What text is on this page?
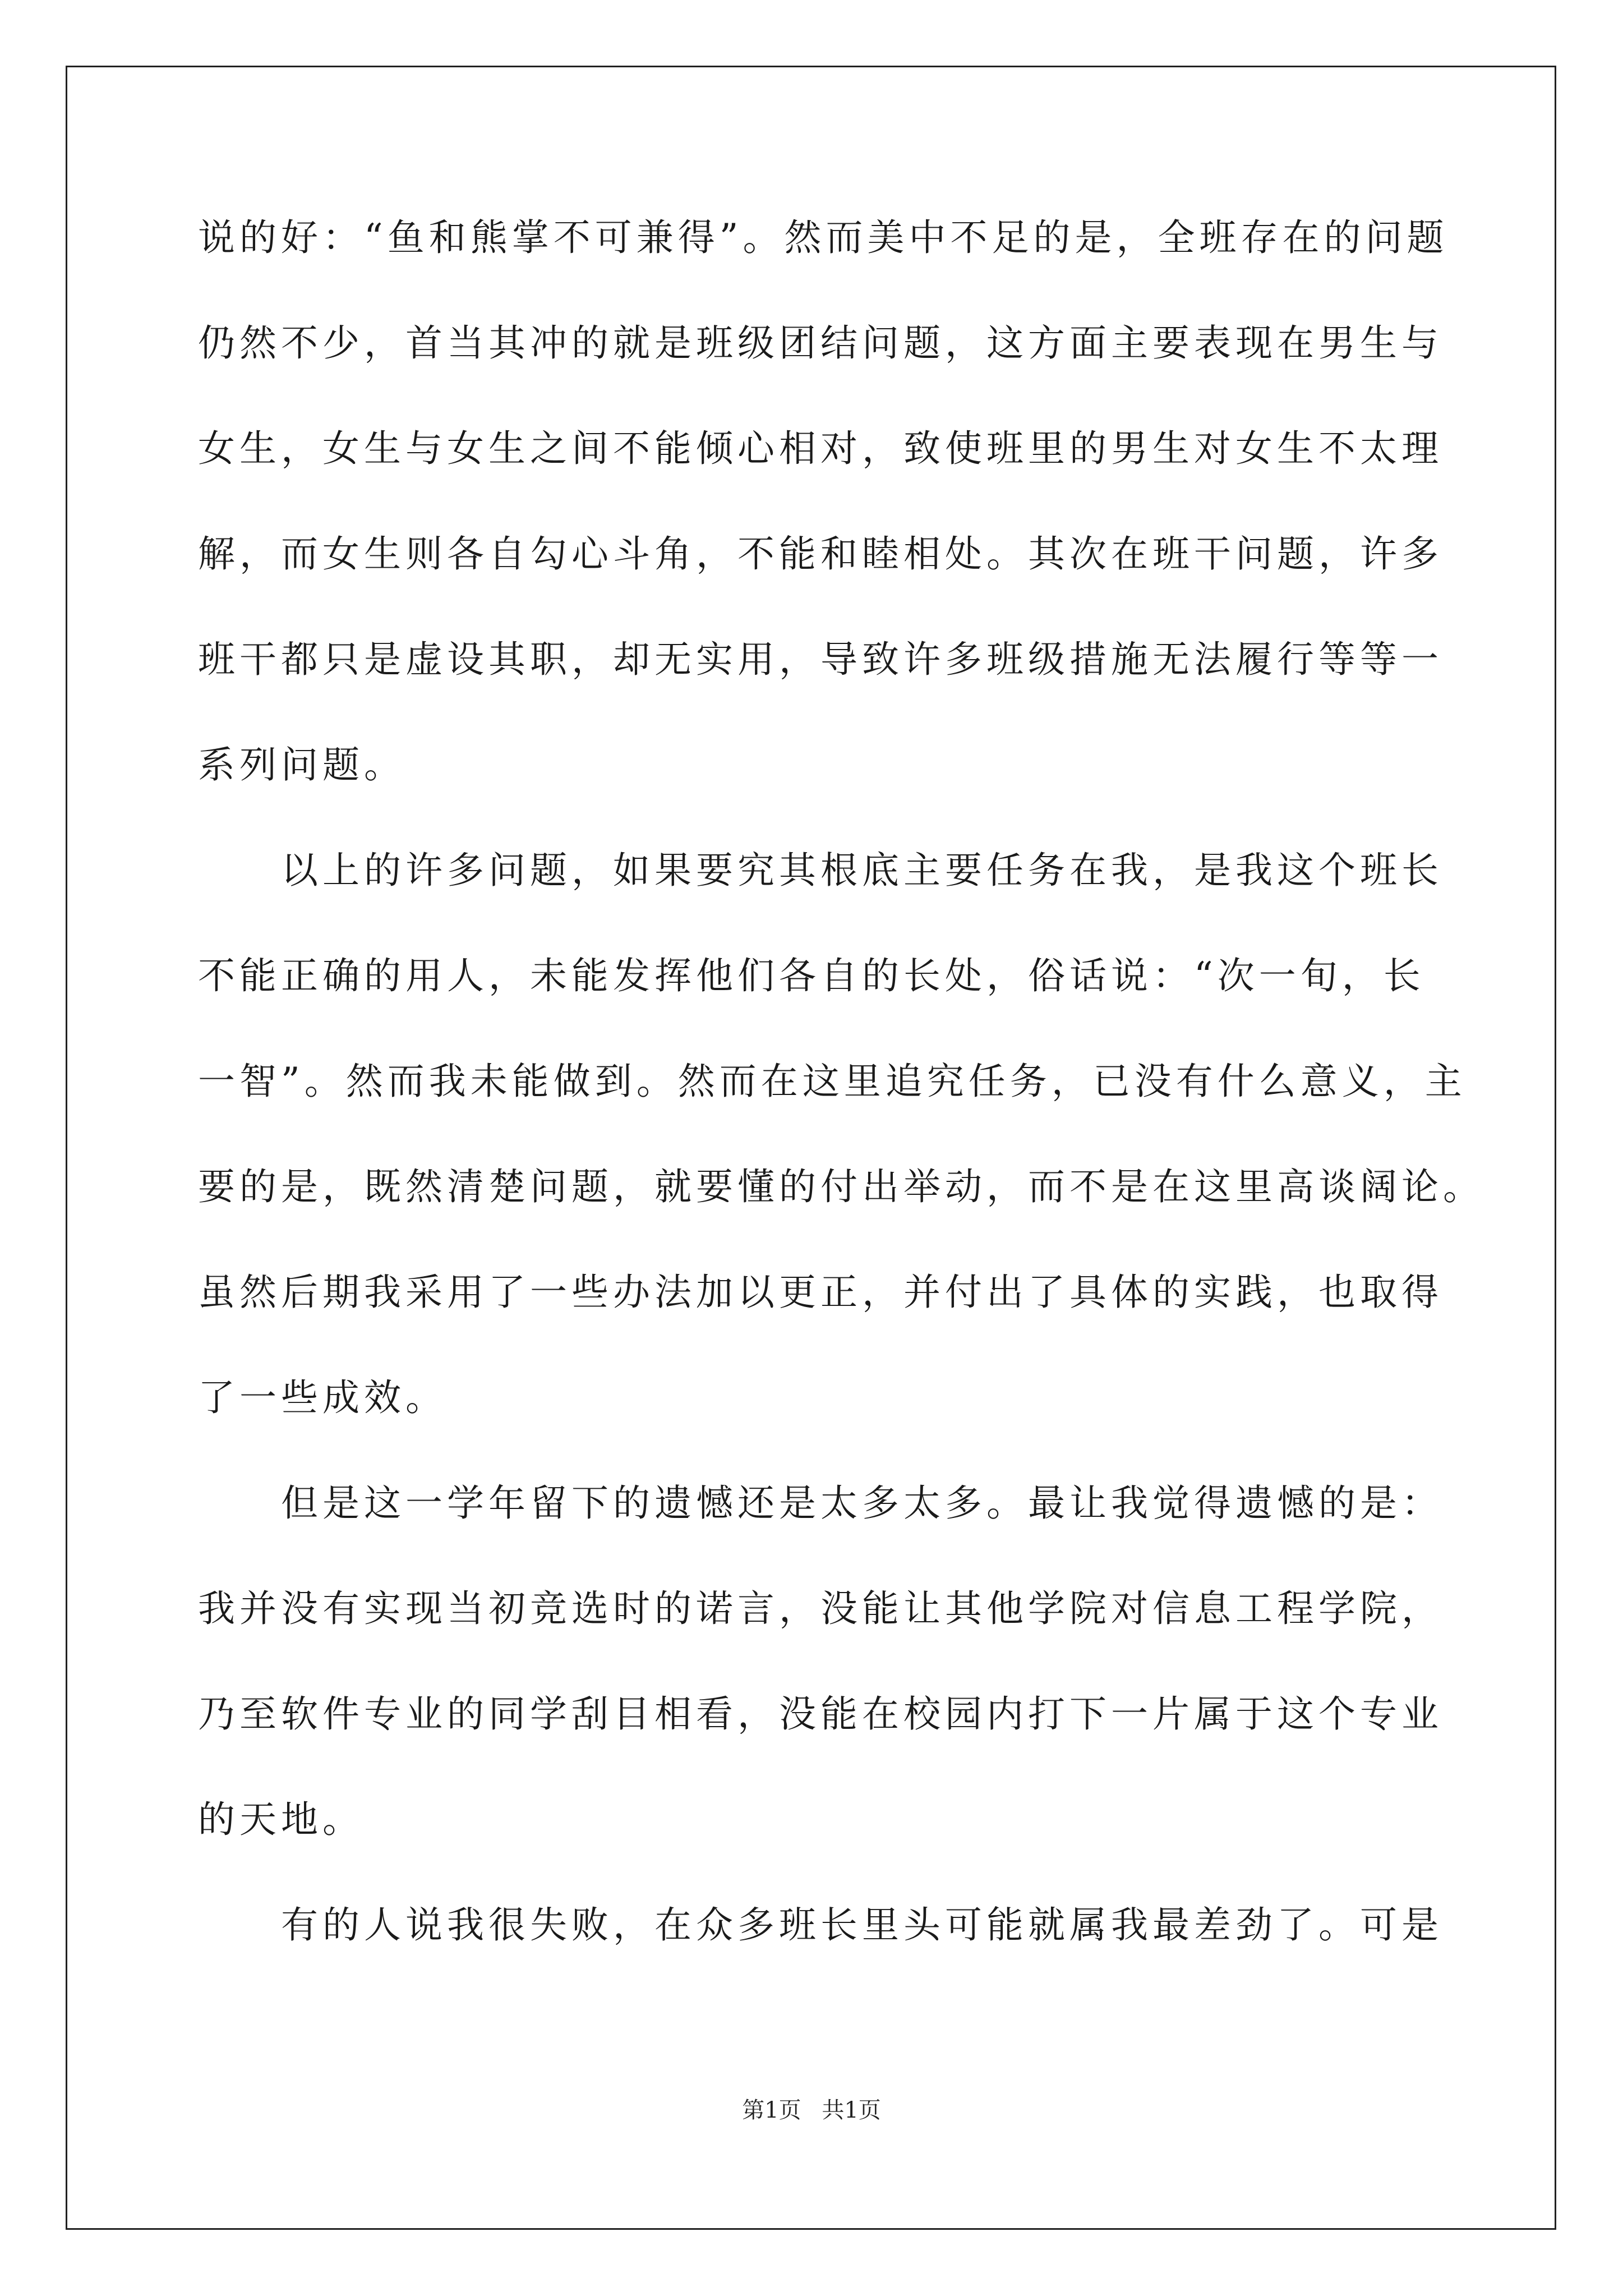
说的好：“鱼和熊掌不可兼得”。然而美中不足的是，全班存在的问题
仍然不少，首当其冲的就是班级团结问题，这方面主要表现在男生与
女生，女生与女生之间不能倾心相对，致使班里的男生对女生不太理
解，而女生则各自勾心斗角，不能和睦相处。其次在班干问题，许多
班干都只是虚设其职，却无实用，导致许多班级措施无法履行等等一
系列问题。
　　以上的许多问题，如果要究其根底主要任务在我，是我这个班长
不能正确的用人，未能发挥他们各自的长处，俗话说：“次一旬，长
一智”。然而我未能做到。然而在这里追究任务，已没有什么意义，主
要的是，既然清楚问题，就要懂的付出举动，而不是在这里高谈阔论。
虽然后期我采用了一些办法加以更正，并付出了具体的实践，也取得
了一些成效。
　　但是这一学年留下的遗憾还是太多太多。最让我觉得遗憾的是：
我并没有实现当初竞选时的诺言，没能让其他学院对信息工程学院，
乃至软件专业的同学刮目相看，没能在校园内打下一片属于这个专业
的天地。
　　有的人说我很失败，在众多班长里头可能就属我最差劲了。可是
第1页 共1页
